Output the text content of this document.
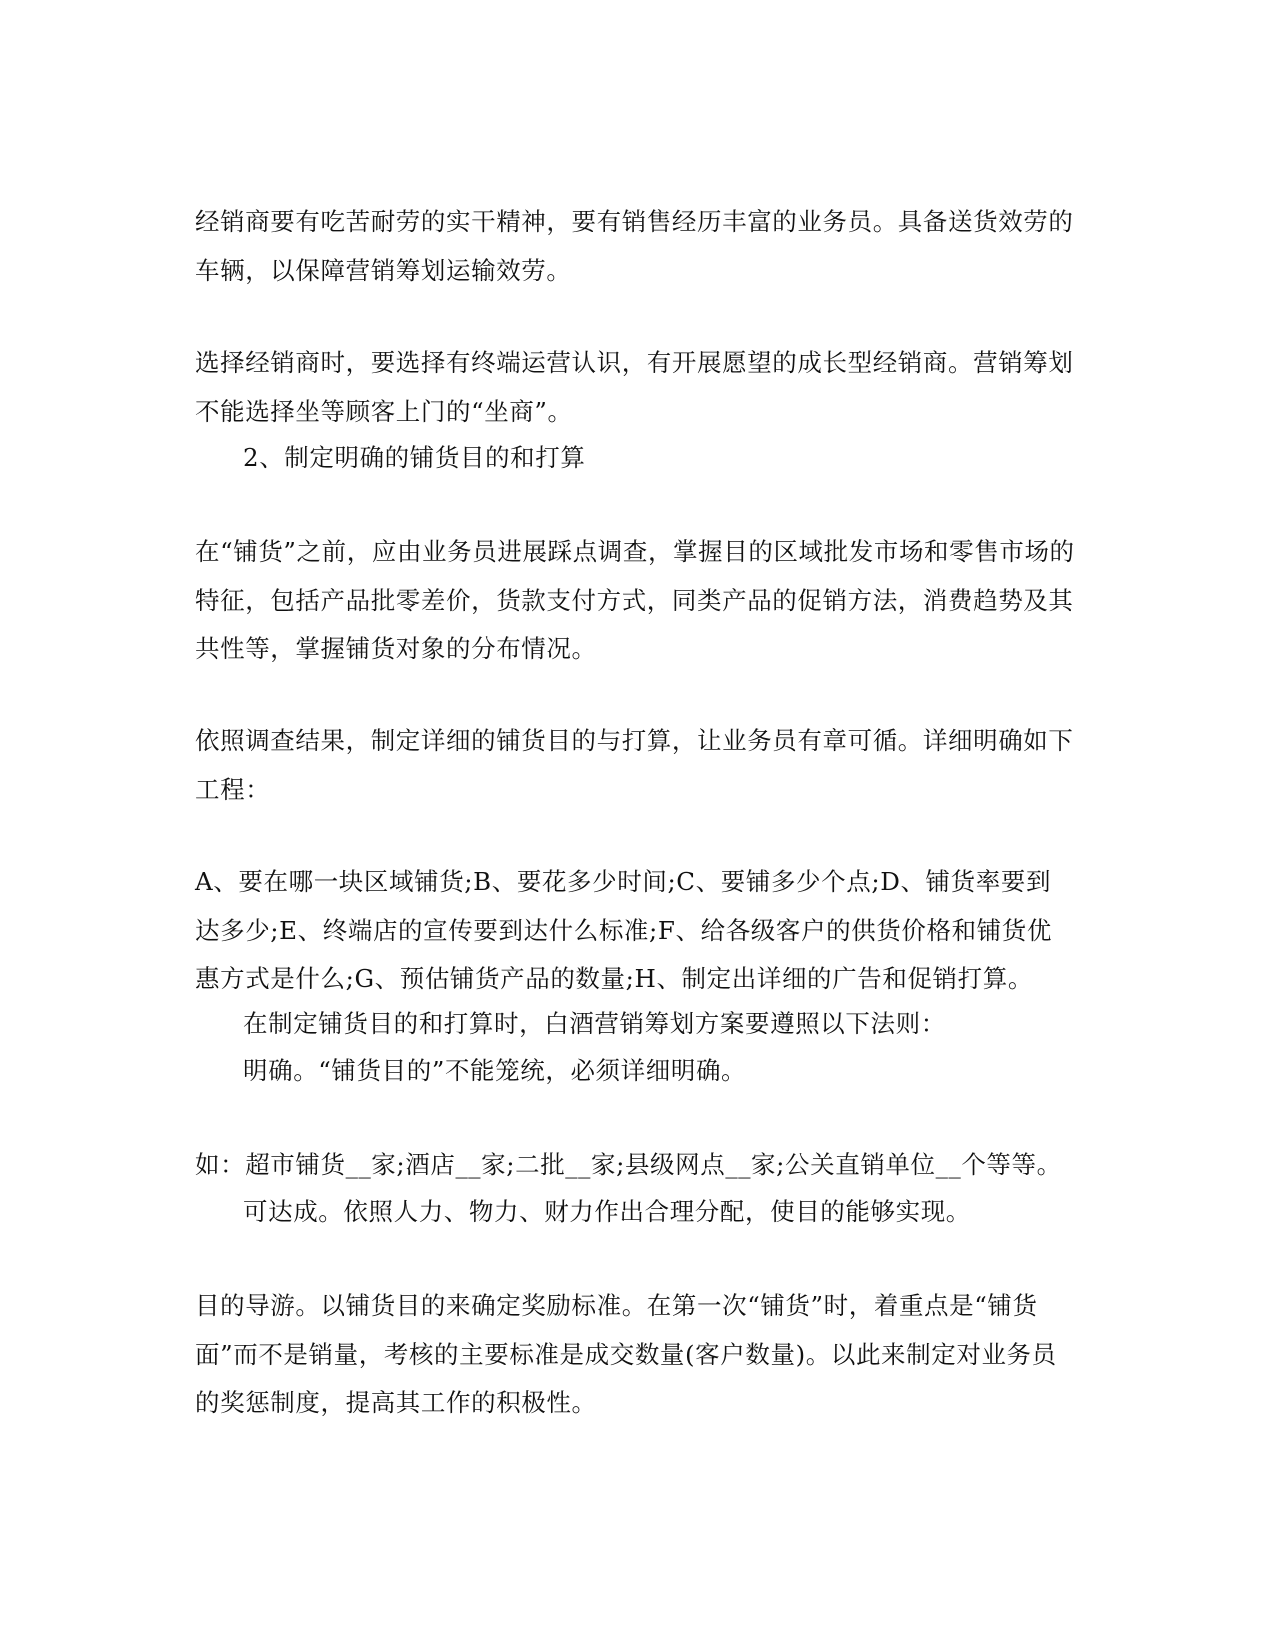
经销商要有吃苦耐劳的实干精神，要有销售经历丰富的业务员。具备送货效劳的车辆，以保障营销筹划运输效劳。

选择经销商时，要选择有终端运营认识，有开展愿望的成长型经销商。营销筹划不能选择坐等顾客上门的“坐商”。

2、制定明确的铺货目的和打算

在“铺货”之前，应由业务员进展踩点调查，掌握目的区域批发市场和零售市场的特征，包括产品批零差价，货款支付方式，同类产品的促销方法，消费趋势及其共性等，掌握铺货对象的分布情况。

依照调查结果，制定详细的铺货目的与打算，让业务员有章可循。详细明确如下工程：

A、要在哪一块区域铺货;B、要花多少时间;C、要铺多少个点;D、铺货率要到达多少;E、终端店的宣传要到达什么标准;F、给各级客户的供货价格和铺货优惠方式是什么;G、预估铺货产品的数量;H、制定出详细的广告和促销打算。

在制定铺货目的和打算时，白酒营销筹划方案要遵照以下法则：

明确。“铺货目的”不能笼统，必须详细明确。

如：超市铺货__家;酒店__家;二批__家;县级网点__家;公关直销单位__个等等。

可达成。依照人力、物力、财力作出合理分配，使目的能够实现。

目的导游。以铺货目的来确定奖励标准。在第一次“铺货”时，着重点是“铺货面”而不是销量，考核的主要标准是成交数量(客户数量)。以此来制定对业务员的奖惩制度，提高其工作的积极性。
